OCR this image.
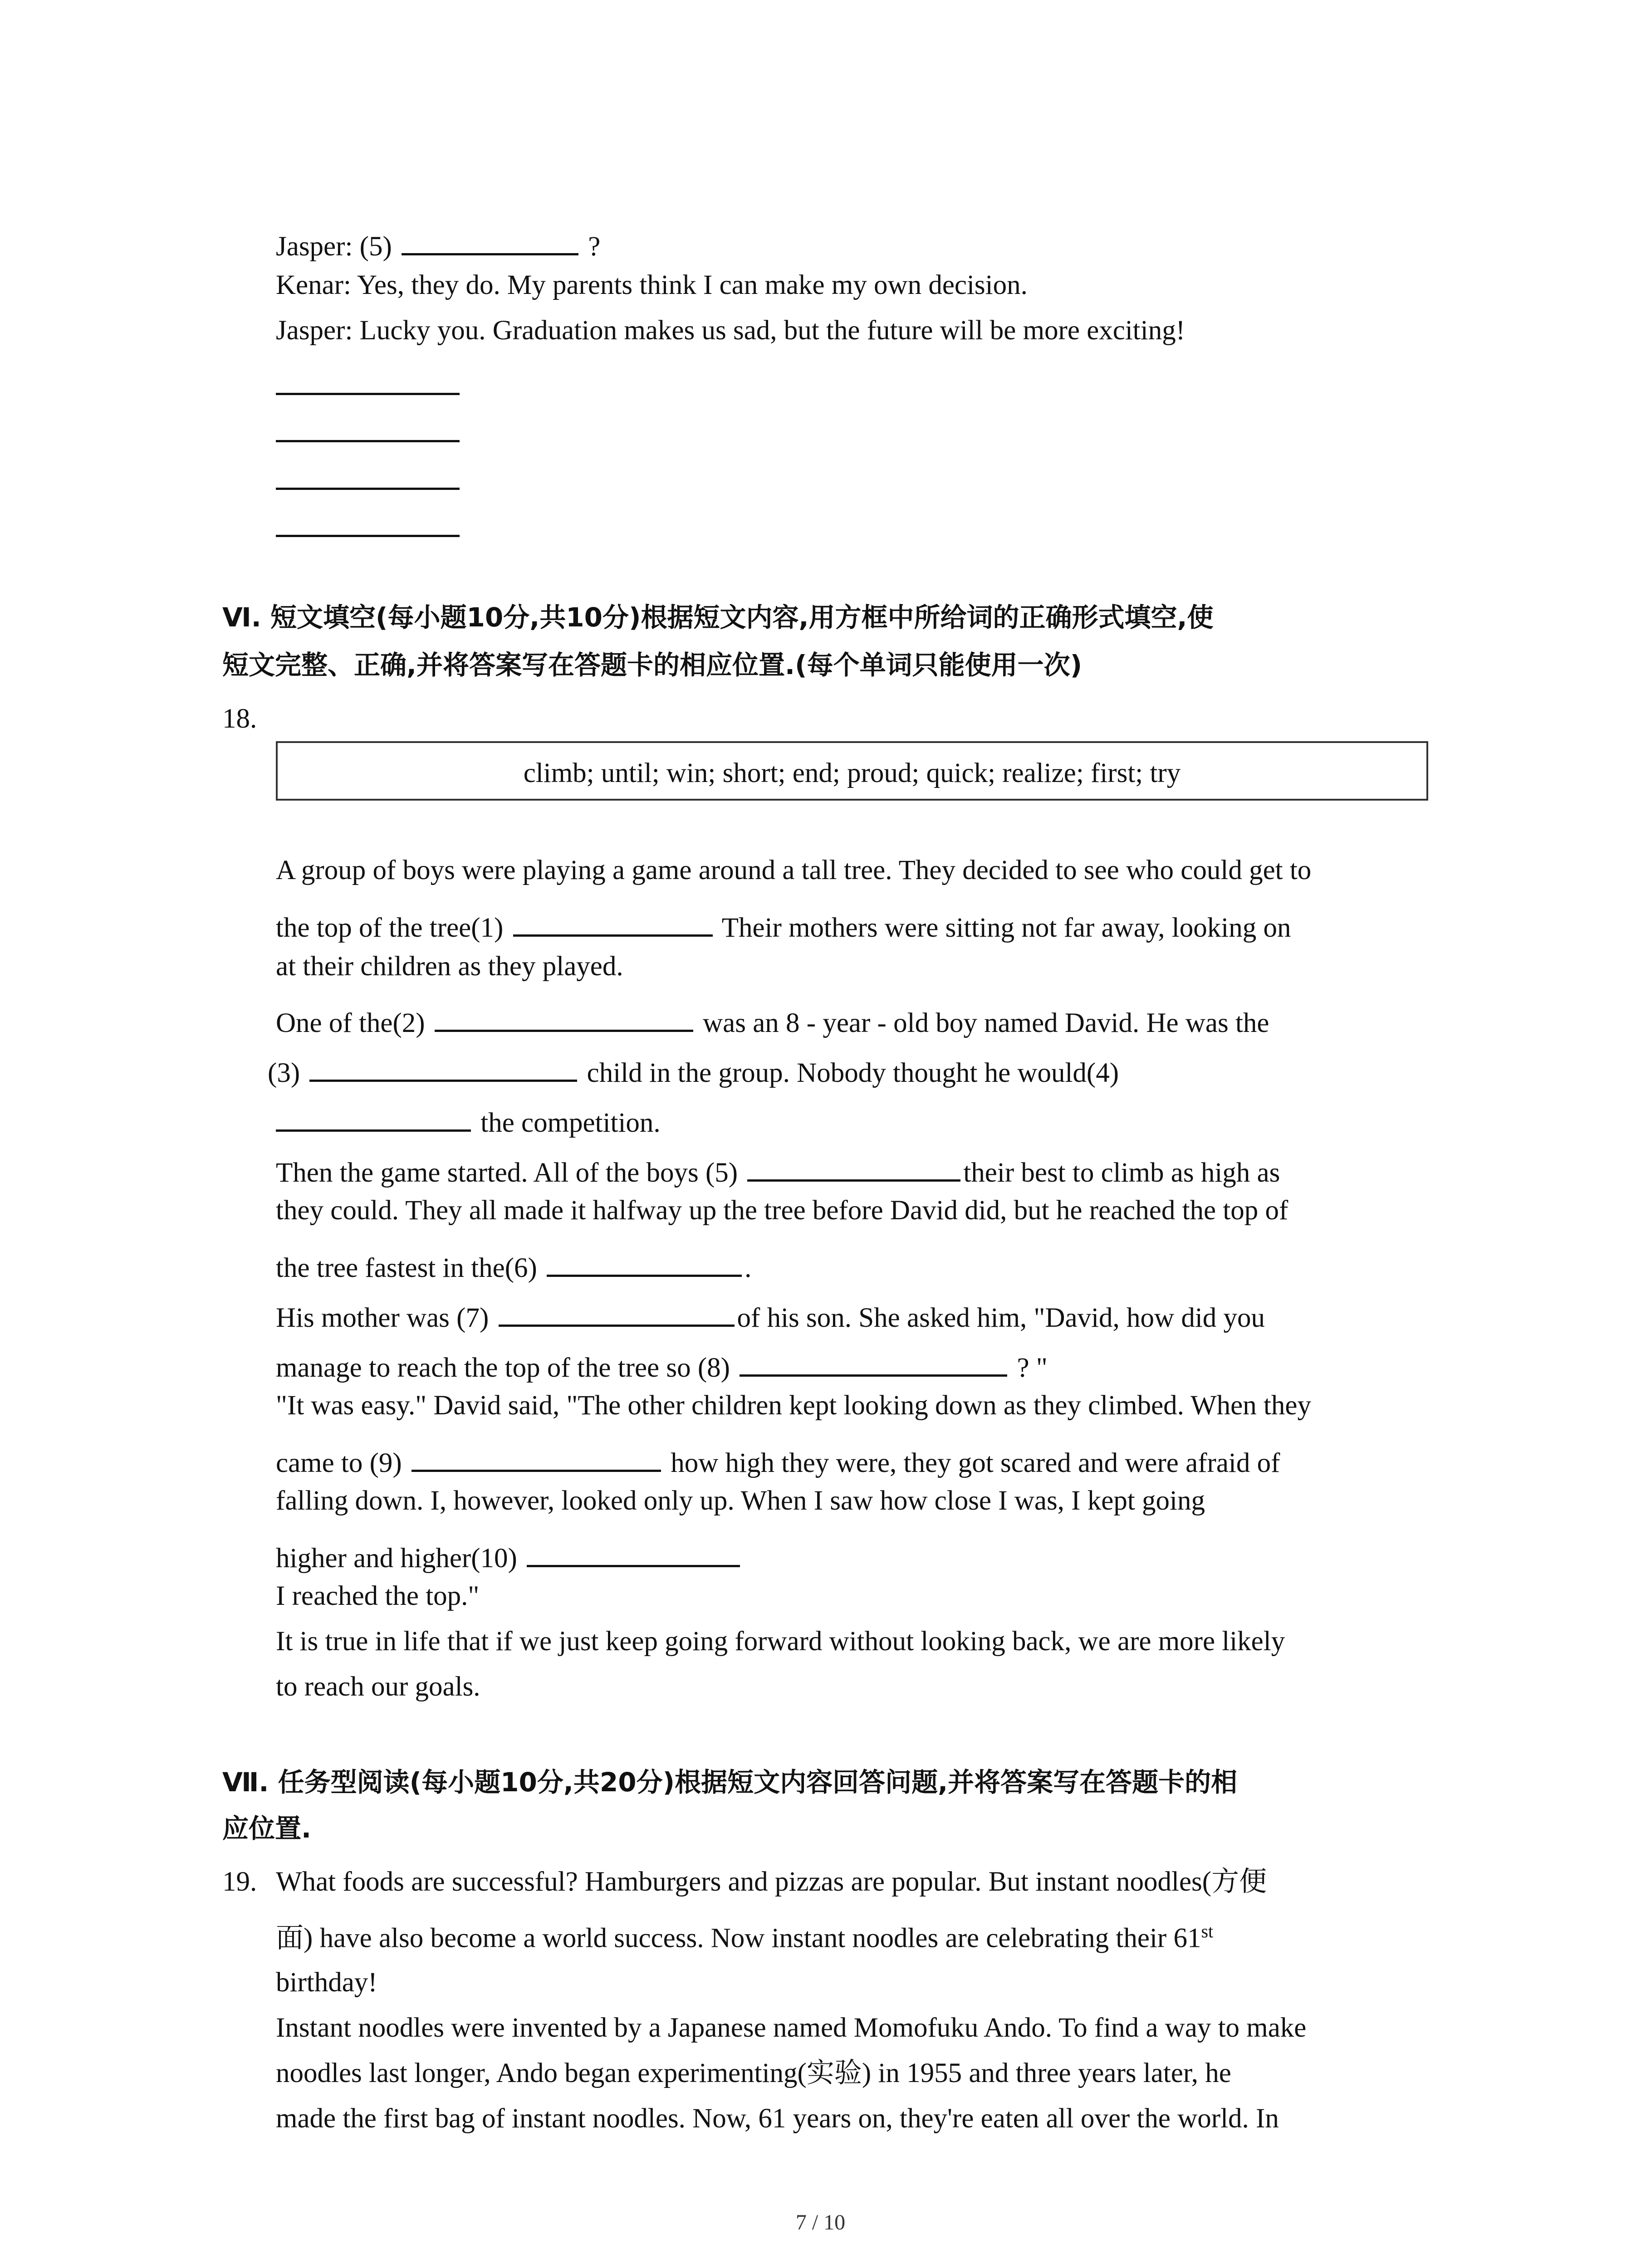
Jasper: (5)	?
Kenar: Yes, they do. My parents think I can make my own decision.
Jasper: Lucky you. Graduation makes us sad, but the future will be more exciting!
Ⅵ. 短文填空(每小题10分,共10分)根据短文内容,用方框中所给词的正确形式填空,使
短文完整、正确,并将答案写在答题卡的相应位置.(每个单词只能使用一次)
18.
climb; until; win; short; end; proud; quick; realize; first; try
A group of boys were playing a game around a tall tree. They decided to see who could get to
the top of the tree(1)	Their mothers were sitting not far away, looking on
at their children as they played.
One of the(2)	was an 8 - year - old boy named David. He was the
(3)	child in the group. Nobody thought he would(4)
the competition.
Then the game started. All of the boys (5)	their best to climb as high as
they could. They all made it halfway up the tree before David did, but he reached the top of
the tree fastest in the(6)	.
His mother was (7)	of his son. She asked him, "David, how did you
manage to reach the top of the tree so (8)	? "
"It was easy." David said, "The other children kept looking down as they climbed. When they
came to (9)	how high they were, they got scared and were afraid of
falling down. I, however, looked only up. When I saw how close I was, I kept going
higher and higher(10)
I reached the top."
It is true in life that if we just keep going forward without looking back, we are more likely
to reach our goals.
Ⅶ. 任务型阅读(每小题10分,共20分)根据短文内容回答问题,并将答案写在答题卡的相
应位置.
19. What foods are successful? Hamburgers and pizzas are popular. But instant noodles(方便
面) have also become a world success. Now instant noodles are celebrating their 61st
birthday!
Instant noodles were invented by a Japanese named Momofuku Ando. To find a way to make
noodles last longer, Ando began experimenting(实验) in 1955 and three years later, he
made the first bag of instant noodles. Now, 61 years on, they're eaten all over the world. In
7 / 10
